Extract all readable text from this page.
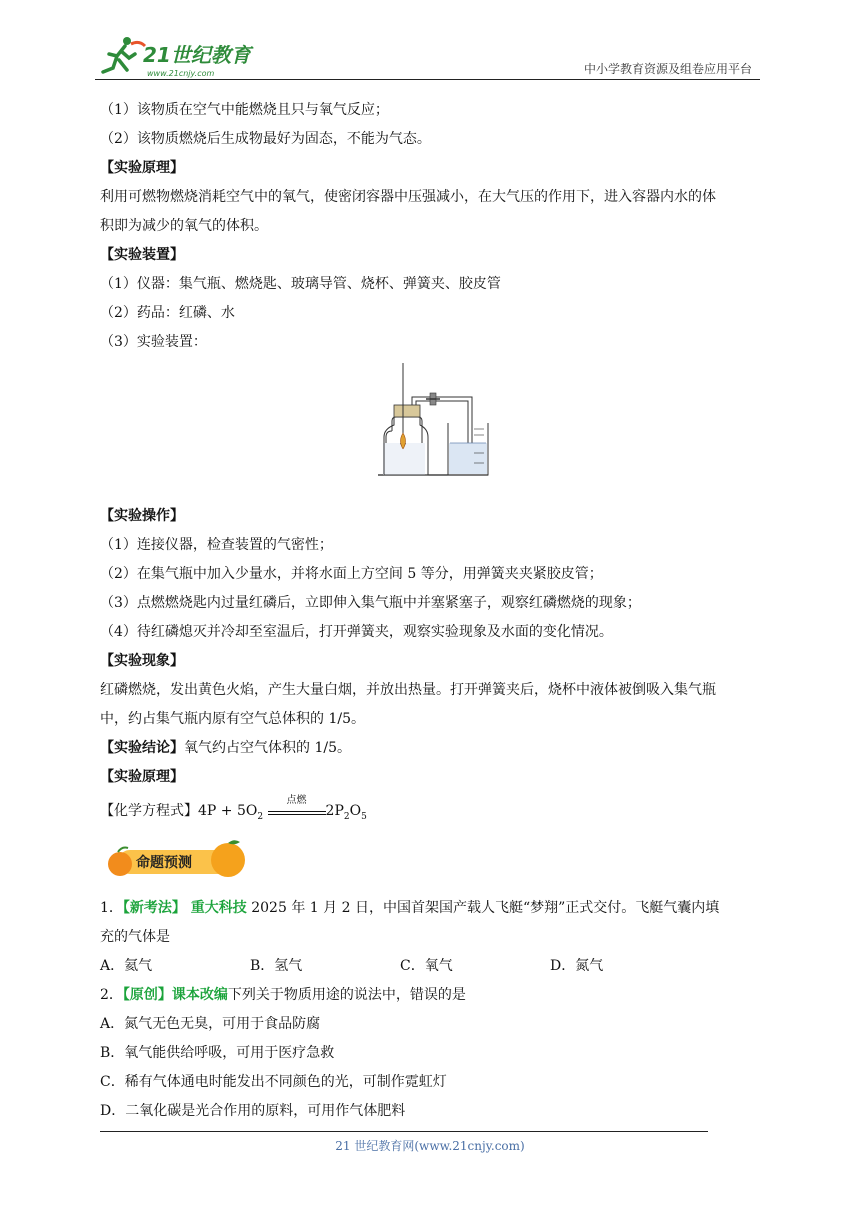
21世纪教育
www.21cnjy.com	中小学教育资源及组卷应用平台
（1）该物质在空气中能燃烧且只与氧气反应；
（2）该物质燃烧后生成物最好为固态，不能为气态。
【实验原理】
利用可燃物燃烧消耗空气中的氧气，使密闭容器中压强减小，在大气压的作用下，进入容器内水的体
积即为减少的氧气的体积。
【实验装置】
（1）仪器：集气瓶、燃烧匙、玻璃导管、烧杯、弹簧夹、胶皮管
（2）药品：红磷、水
（3）实验装置：
【实验操作】
（1）连接仪器，检查装置的气密性；
（2）在集气瓶中加入少量水，并将水面上方空间 5 等分，用弹簧夹夹紧胶皮管；
（3）点燃燃烧匙内过量红磷后，立即伸入集气瓶中并塞紧塞子，观察红磷燃烧的现象；
（4）待红磷熄灭并冷却至室温后，打开弹簧夹，观察实验现象及水面的变化情况。
【实验现象】
红磷燃烧，发出黄色火焰，产生大量白烟，并放出热量。打开弹簧夹后，烧杯中液体被倒吸入集气瓶
中，约占集气瓶内原有空气总体积的 1/5。
【实验结论】氧气约占空气体积的 1/5。
【实验原理】
【化学方程式】$4P + 5O_2$
点燃
$2P_2O_5$
命题预测
1．【新考法】 重大科技 2025 年 1 月 2 日，中国首架国产载人飞艇“梦翔”正式交付。飞艇气囊内填
充的气体是
A．氦气	B．氢气	C．氧气	D．氮气
2．【原创】课本改编下列关于物质用途的说法中，错误的是
A．氮气无色无臭，可用于食品防腐
B．氧气能供给呼吸，可用于医疗急救
C．稀有气体通电时能发出不同颜色的光，可制作霓虹灯
D．二氧化碳是光合作用的原料，可用作气体肥料
21 世纪教育网(www.21cnjy.com)
